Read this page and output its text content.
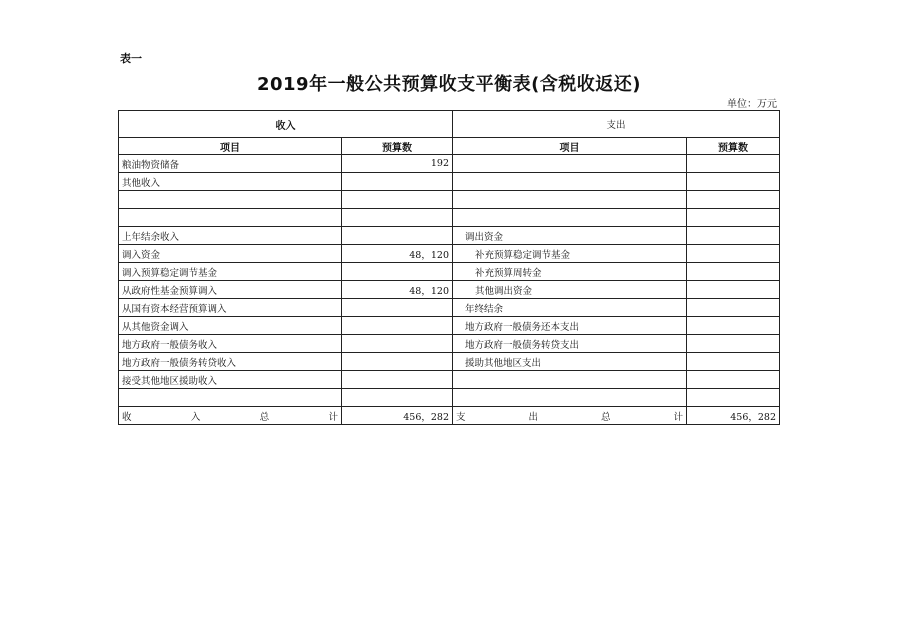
表一
2019年一般公共预算收支平衡表(含税收返还)
单位：万元
收入		支出	
项目	预算数	项目	预算数
粮油物资储备	192		
其他收入			

上年结余收入		调出资金	
调入资金	48，120	补充预算稳定调节基金	
调入预算稳定调节基金		补充预算周转金	
从政府性基金预算调入	48，120	其他调出资金	
从国有资本经营预算调入		年终结余	
从其他资金调入		地方政府一般债务还本支出	
地方政府一般债务收入		地方政府一般债务转贷支出	
地方政府一般债务转贷收入		援助其他地区支出	
接受其他地区援助收入			

收 入 总 计	456，282	支 出 总 计	456，282
